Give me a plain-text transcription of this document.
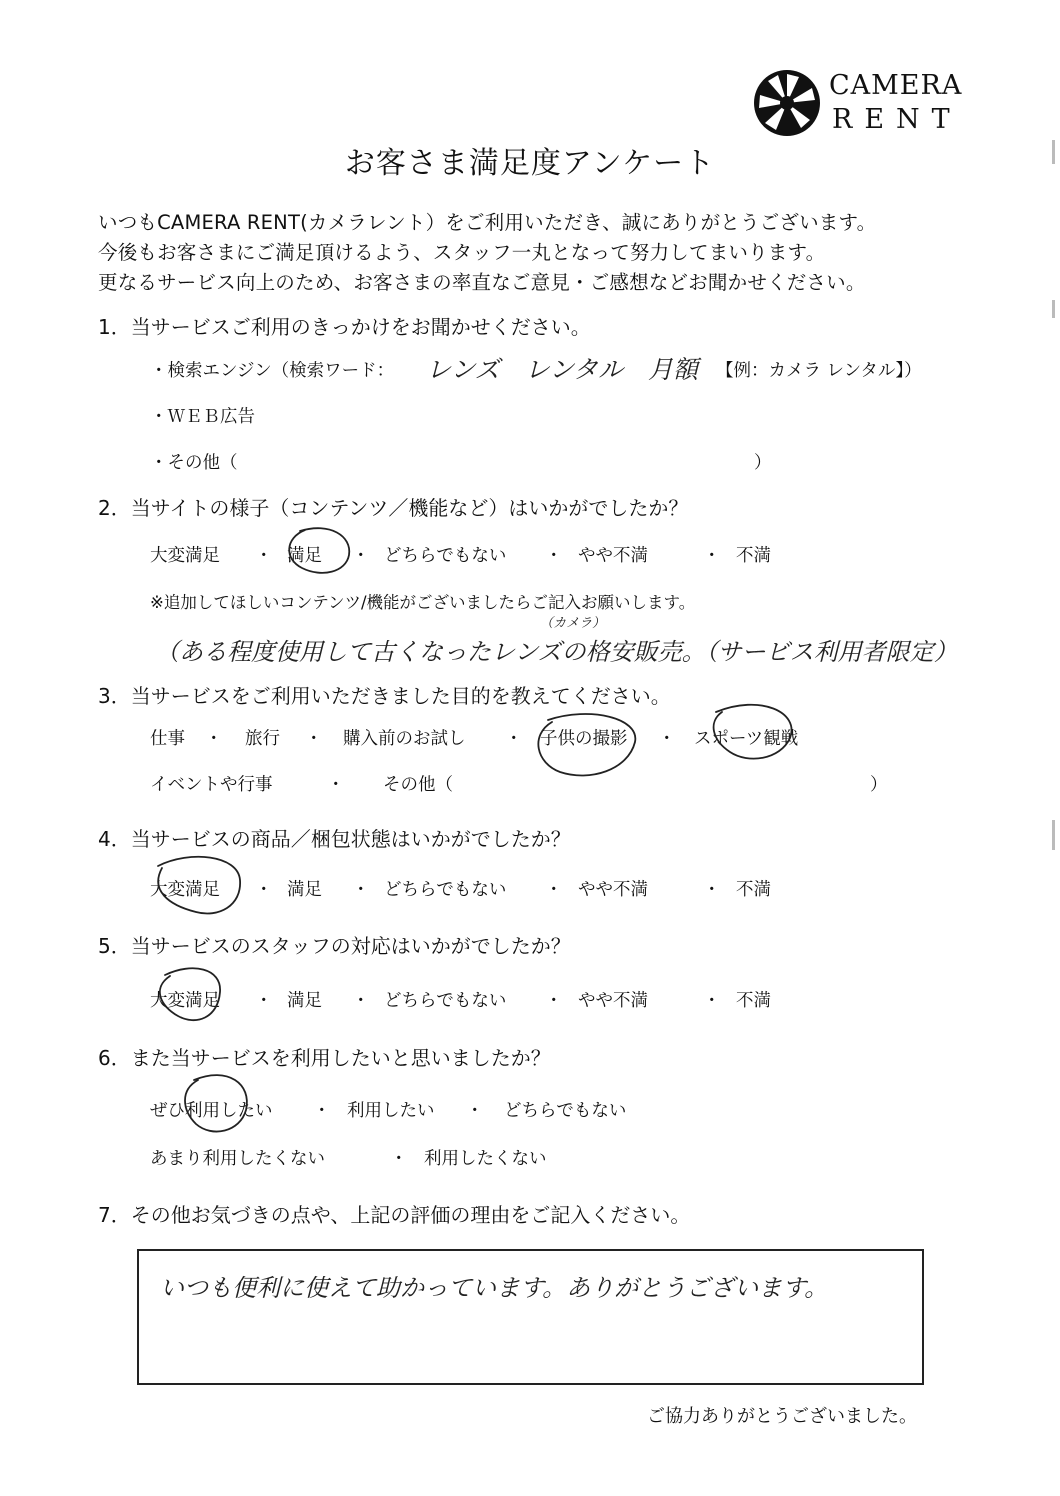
CAMERA
RENT
お客さま満足度アンケート
いつもCAMERA RENT(カメラレント）をご利用いただき、誠にありがとうございます。
今後もお客さまにご満足頂けるよう、スタッフ一丸となって努力してまいります。
更なるサービス向上のため、お客さまの率直なご意見・ご感想などお聞かせください。
1．当サービスご利用のきっかけをお聞かせください。
・検索エンジン（検索ワード： レンズ　レンタル　月額 【例：カメラ レンタル】）
・ＷＥＢ広告
・その他（	）
2．当サイトの様子（コンテンツ／機能など）はいかがでしたか？
大変満足 ・ 満足 ・ どちらでもない ・ やや不満	・ 不満
※追加してほしいコンテンツ/機能がございましたらご記入お願いします。
（カメラ）
（ある程度使用して古くなったレンズの格安販売。（サービス利用者限定）
3．当サービスをご利用いただきました目的を教えてください。
仕事 ・ 旅行 ・ 購入前のお試し ・ 子供の撮影 ・ スポーツ観戦
イベントや行事	・ その他（	）
4．当サービスの商品／梱包状態はいかがでしたか？
大変満足 ・ 満足 ・ どちらでもない ・ やや不満	・ 不満
5．当サービスのスタッフの対応はいかがでしたか？
大変満足 ・ 満足 ・ どちらでもない ・ やや不満	・ 不満
6．また当サービスを利用したいと思いましたか？
ぜひ利用したい ・ 利用したい ・ どちらでもない
あまり利用したくない	・ 利用したくない
7．その他お気づきの点や、上記の評価の理由をご記入ください。
いつも便利に使えて助かっています。ありがとうございます。
ご協力ありがとうございました。
